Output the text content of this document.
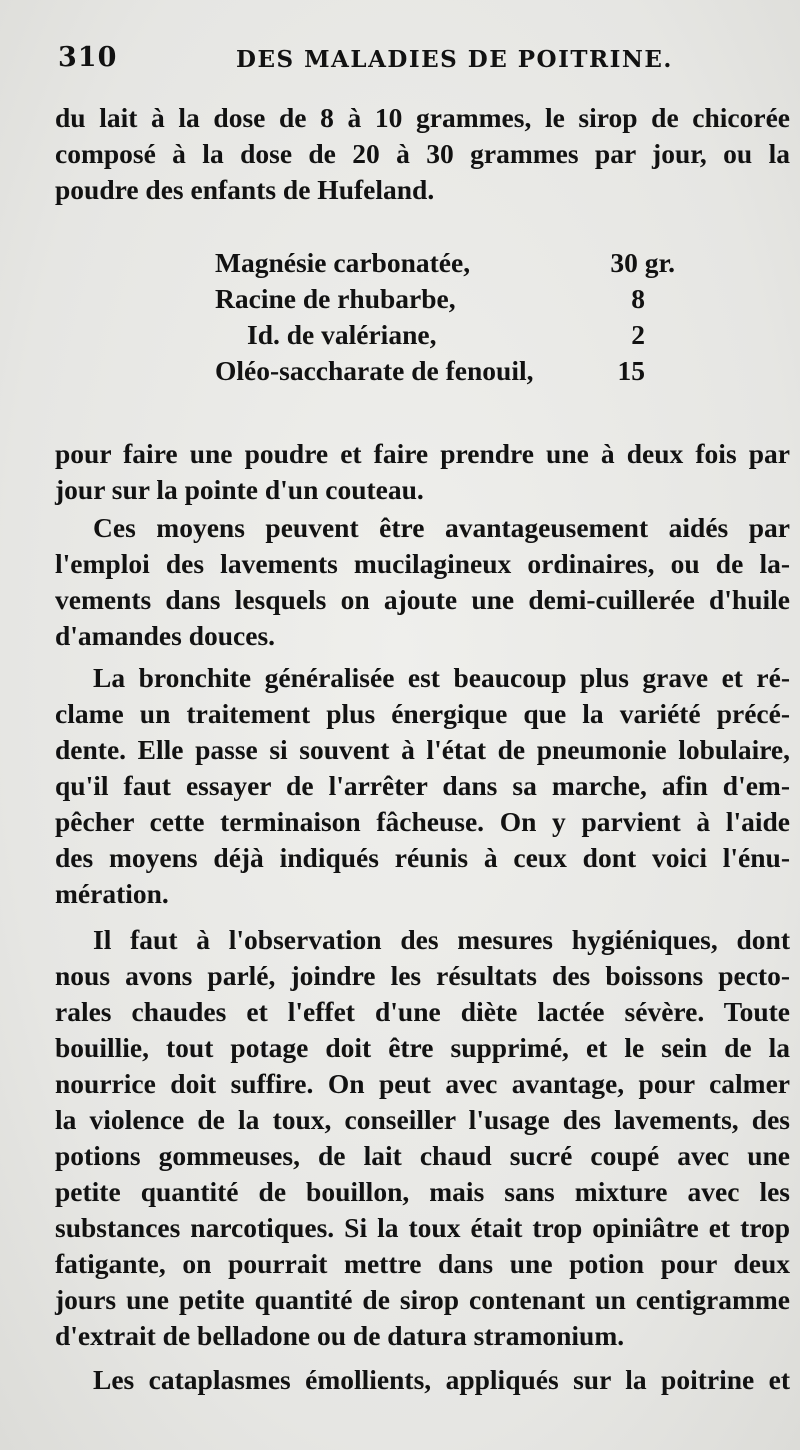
310	DES MALADIES DE POITRINE.
du lait à la dose de 8 à 10 grammes, le sirop de chicorée
composé à la dose de 20 à 30 grammes par jour, ou la
poudre des enfants de Hufeland.
Magnésie carbonatée,	30 gr.
Racine de rhubarbe,	8
Id. de valériane,	2
Oléo-saccharate de fenouil,	15
pour faire une poudre et faire prendre une à deux fois par
jour sur la pointe d'un couteau.
Ces moyens peuvent être avantageusement aidés par
l'emploi des lavements mucilagineux ordinaires, ou de la-
vements dans lesquels on ajoute une demi-cuillerée d'huile
d'amandes douces.
La bronchite généralisée est beaucoup plus grave et ré-
clame un traitement plus énergique que la variété précé-
dente. Elle passe si souvent à l'état de pneumonie lobulaire,
qu'il faut essayer de l'arrêter dans sa marche, afin d'em-
pêcher cette terminaison fâcheuse. On y parvient à l'aide
des moyens déjà indiqués réunis à ceux dont voici l'énu-
mération.
Il faut à l'observation des mesures hygiéniques, dont
nous avons parlé, joindre les résultats des boissons pecto-
rales chaudes et l'effet d'une diète lactée sévère. Toute
bouillie, tout potage doit être supprimé, et le sein de la
nourrice doit suffire. On peut avec avantage, pour calmer
la violence de la toux, conseiller l'usage des lavements, des
potions gommeuses, de lait chaud sucré coupé avec une
petite quantité de bouillon, mais sans mixture avec les
substances narcotiques. Si la toux était trop opiniâtre et trop
fatigante, on pourrait mettre dans une potion pour deux
jours une petite quantité de sirop contenant un centigramme
d'extrait de belladone ou de datura stramonium.
Les cataplasmes émollients, appliqués sur la poitrine et
